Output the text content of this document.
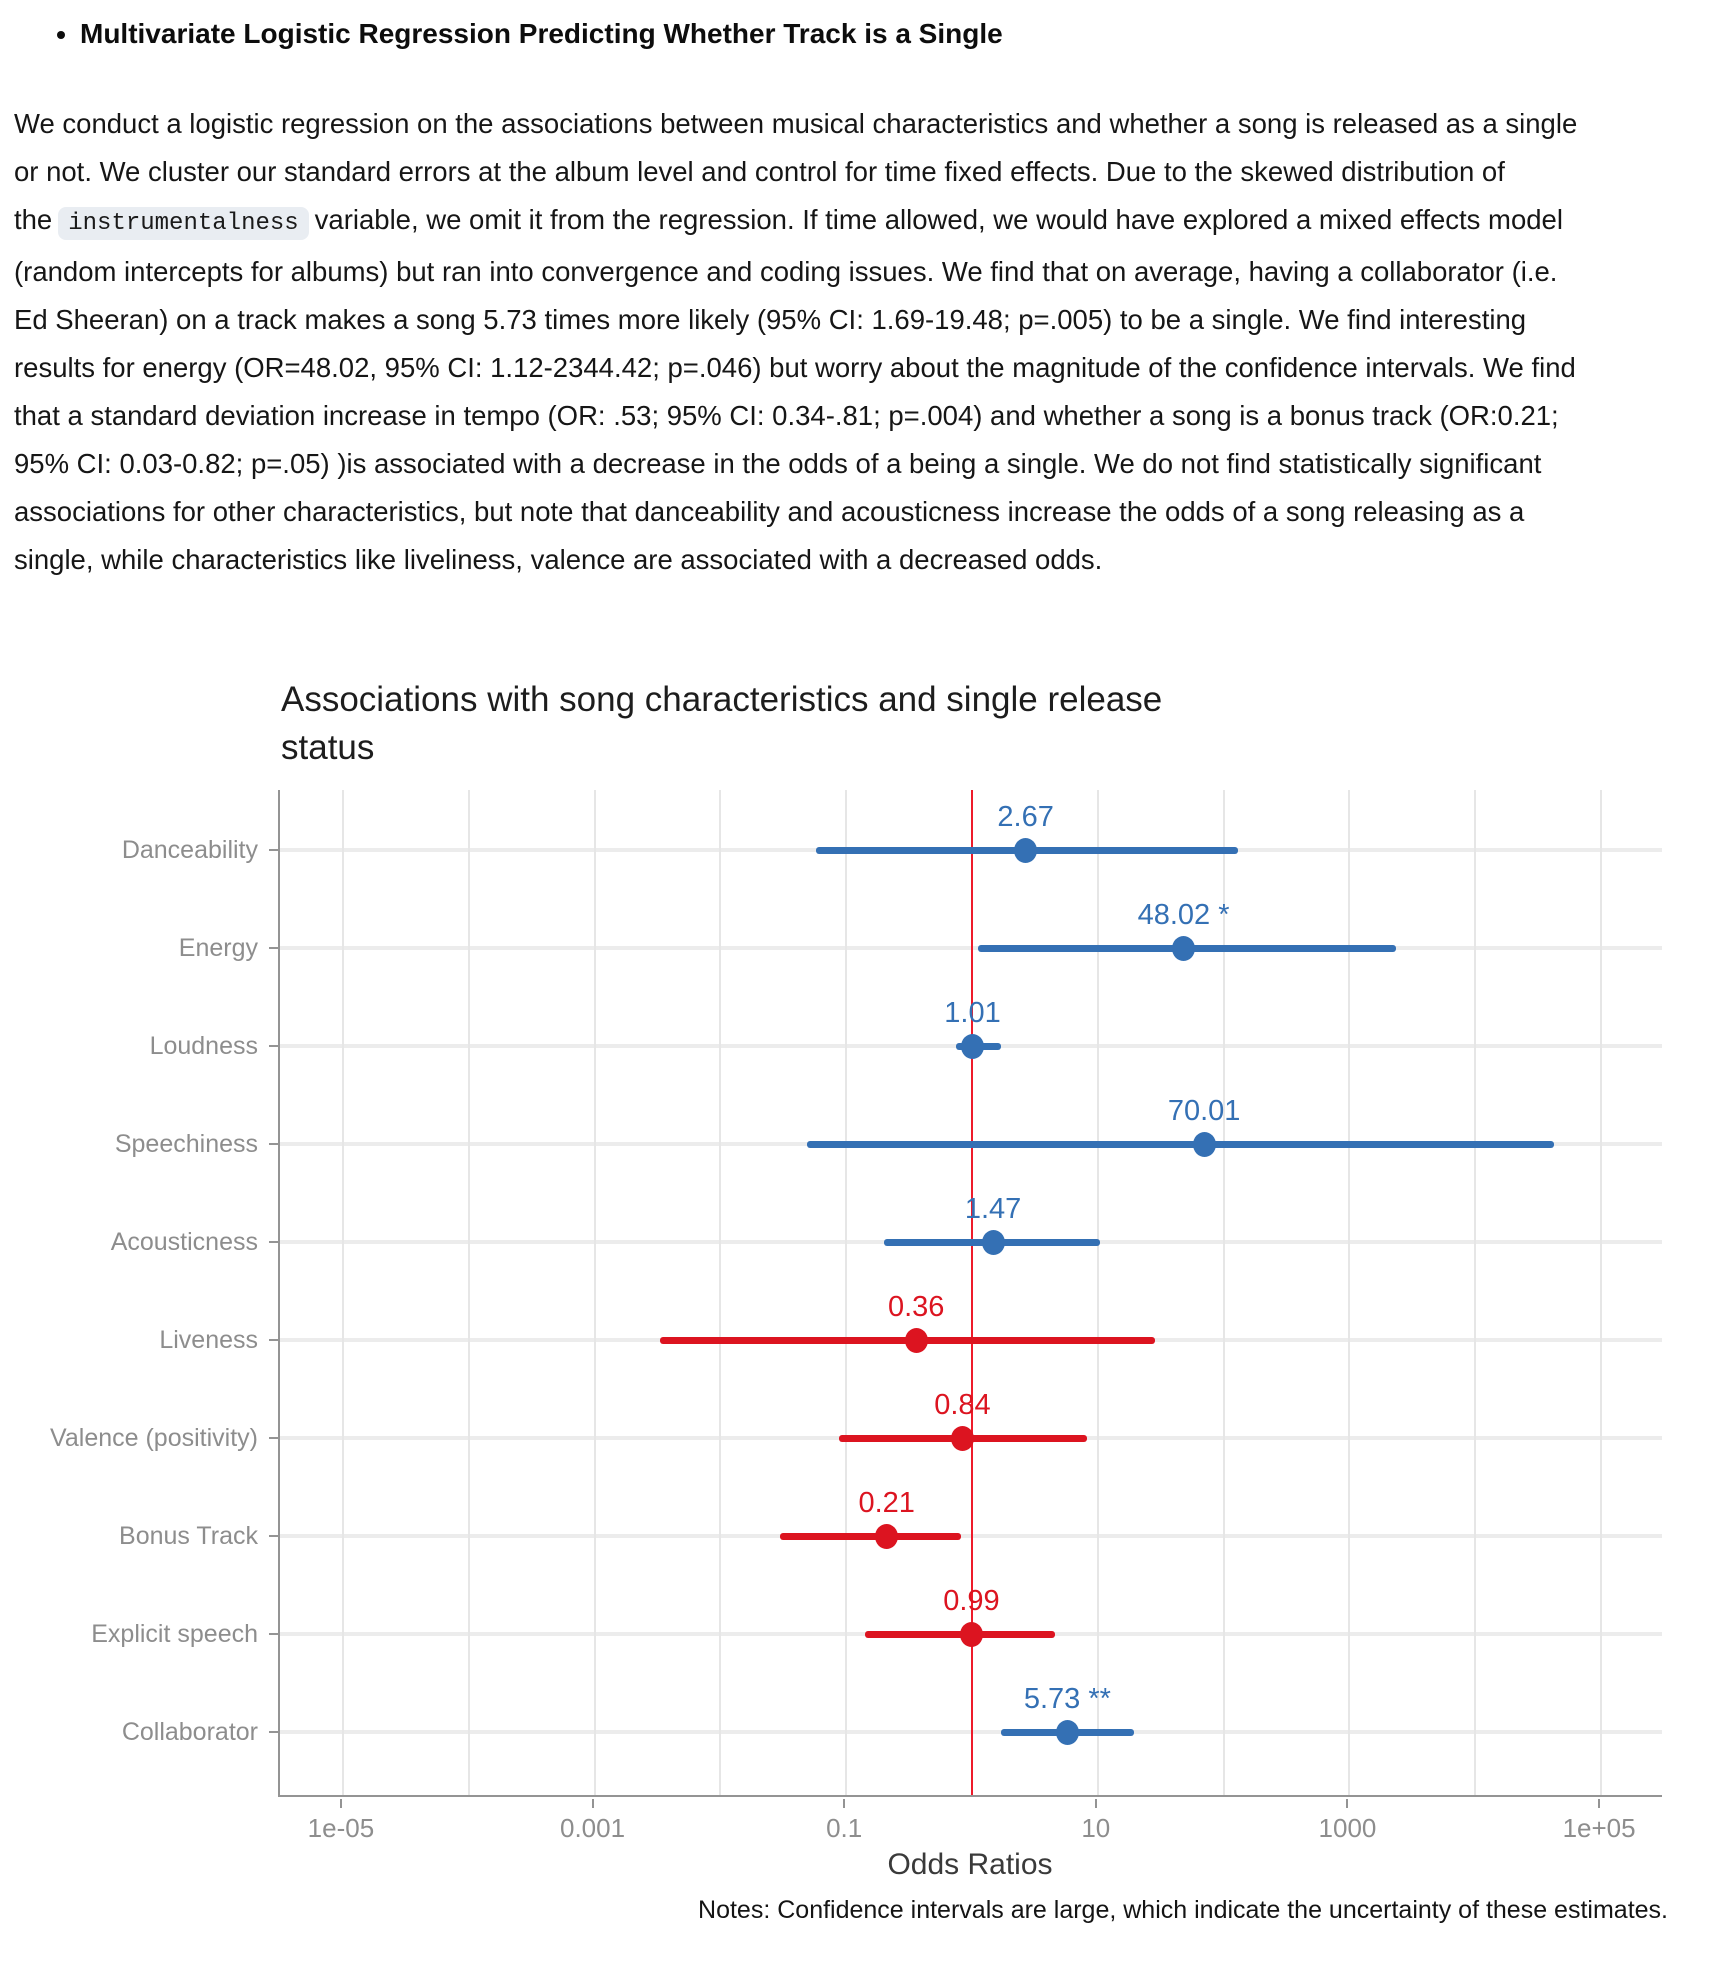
• Multivariate Logistic Regression Predicting Whether Track is a Single

We conduct a logistic regression on the associations between musical characteristics and whether a song is released as a single or not. We cluster our standard errors at the album level and control for time fixed effects. Due to the skewed distribution of the instrumentalness variable, we omit it from the regression. If time allowed, we would have explored a mixed effects model (random intercepts for albums) but ran into convergence and coding issues. We find that on average, having a collaborator (i.e. Ed Sheeran) on a track makes a song 5.73 times more likely (95% CI: 1.69-19.48; p=.005) to be a single. We find interesting results for energy (OR=48.02, 95% CI: 1.12-2344.42; p=.046) but worry about the magnitude of the confidence intervals. We find that a standard deviation increase in tempo (OR: .53; 95% CI: 0.34-.81; p=.004) and whether a song is a bonus track (OR:0.21; 95% CI: 0.03-0.82; p=.05) )is associated with a decrease in the odds of a being a single. We do not find statistically significant associations for other characteristics, but note that danceability and acousticness increase the odds of a song releasing as a single, while characteristics like liveliness, valence are associated with a decreased odds.

Associations with song characteristics and single release status
2.67
48.02 *
1.01
70.01
1.47
0.36
0.84
0.21
0.99
5.73 **
Danceability
Energy
Loudness
Speechiness
Acousticness
Liveness
Valence (positivity)
Bonus Track
Explicit speech
Collaborator
1e-05	0.001	0.1	10	1000	1e+05
Odds Ratios
Notes: Confidence intervals are large, which indicate the uncertainty of these estimates.
